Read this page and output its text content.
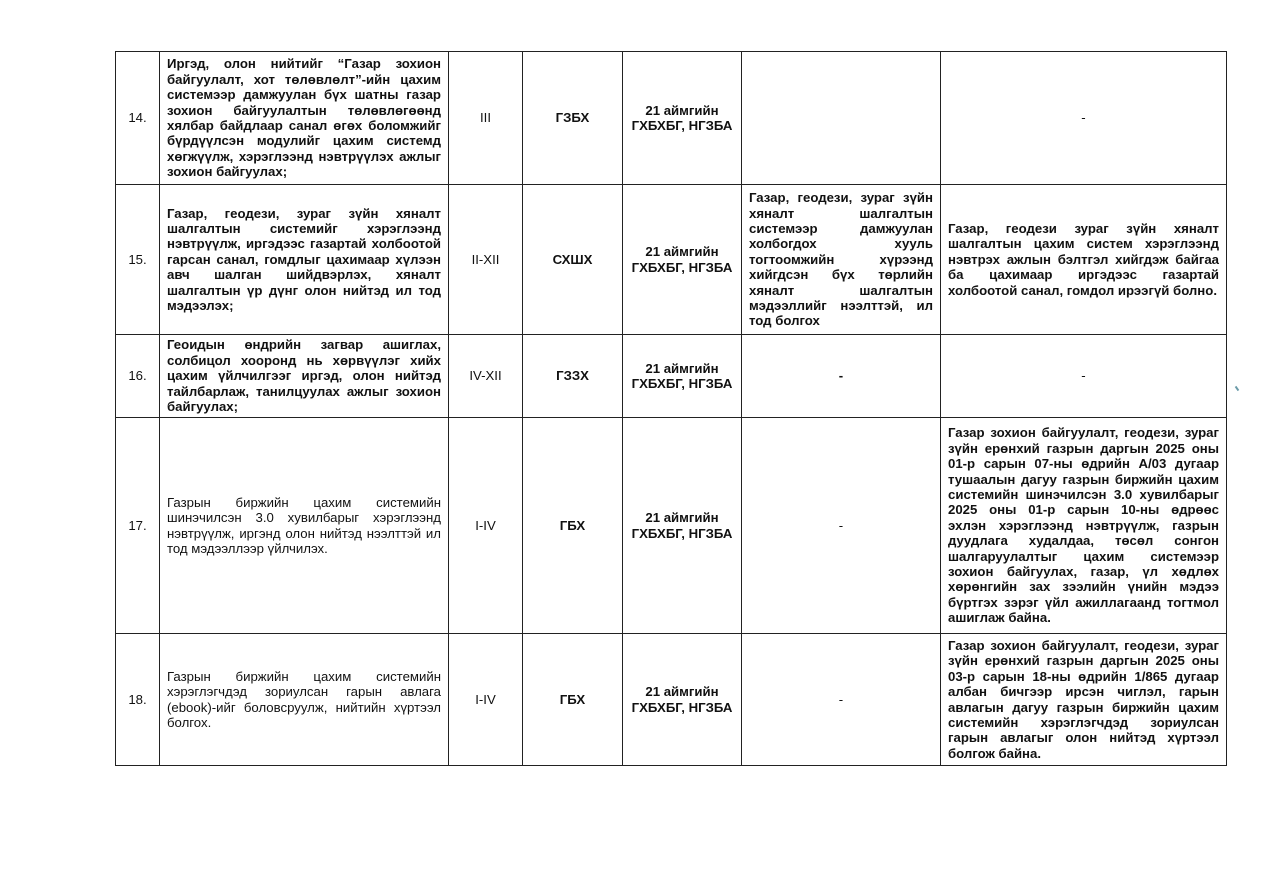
14.	Иргэд, олон нийтийг “Газар зохион байгуулалт, хот төлөвлөлт”-ийн цахим системээр дамжуулан бүх шатны газар зохион байгуулалтын төлөвлөгөөнд хялбар байдлаар санал өгөх боломжийг бүрдүүлсэн модулийг цахим системд хөгжүүлж, хэрэглээнд нэвтрүүлэх ажлыг зохион байгуулах;	III	ГЗБХ	21 аймгийн ГХБХБГ, НГЗБА		-
15.	Газар, геодези, зураг зүйн хяналт шалгалтын системийг хэрэглээнд нэвтрүүлж, иргэдээс газартай холбоотой гарсан санал, гомдлыг цахимаар хүлээн авч шалган шийдвэрлэх, хяналт шалгалтын үр дүнг олон нийтэд ил тод мэдээлэх;	II-XII	СХШХ	21 аймгийн ГХБХБГ, НГЗБА	Газар, геодези, зураг зүйн хяналт шалгалтын системээр дамжуулан холбогдох хууль тогтоомжийн хүрээнд хийгдсэн бүх төрлийн хяналт шалгалтын мэдээллийг нээлттэй, ил тод болгох	Газар, геодези зураг зүйн хяналт шалгалтын цахим систем хэрэглээнд нэвтрэх ажлын бэлтгэл хийгдэж байгаа ба цахимаар иргэдээс газартай холбоотой санал, гомдол ирээгүй болно.
16.	Геоидын өндрийн загвар ашиглах, солбицол хооронд нь хөрвүүлэг хийх цахим үйлчилгээг иргэд, олон нийтэд тайлбарлаж, танилцуулах ажлыг зохион байгуулах;	IV-XII	ГЗЗХ	21 аймгийн ГХБХБГ, НГЗБА	-	-
17.	Газрын биржийн цахим системийн шинэчилсэн 3.0 хувилбарыг хэрэглээнд нэвтрүүлж, иргэнд олон нийтэд нээлттэй ил тод мэдээллээр үйлчилэх.	I-IV	ГБХ	21 аймгийн ГХБХБГ, НГЗБА	-	Газар зохион байгуулалт, геодези, зураг зүйн ерөнхий газрын даргын 2025 оны 01-р сарын 07-ны өдрийн А/03 дугаар тушаалын дагуу газрын биржийн цахим системийн шинэчилсэн 3.0 хувилбарыг 2025 оны 01-р сарын 10-ны өдрөөс эхлэн хэрэглээнд нэвтрүүлж, газрын дуудлага худалдаа, төсөл сонгон шалгаруулалтыг цахим системээр зохион байгуулах, газар, үл хөдлөх хөрөнгийн зах зээлийн үнийн мэдээ бүртгэх зэрэг үйл ажиллагаанд тогтмол ашиглаж байна.
18.	Газрын биржийн цахим системийн хэрэглэгчдэд зориулсан гарын авлага (ebook)-ийг боловсруулж, нийтийн хүртээл болгох.	I-IV	ГБХ	21 аймгийн ГХБХБГ, НГЗБА	-	Газар зохион байгуулалт, геодези, зураг зүйн ерөнхий газрын даргын 2025 оны 03-р сарын 18-ны өдрийн 1/865 дугаар албан бичгээр ирсэн чиглэл, гарын авлагын дагуу газрын биржийн цахим системийн хэрэглэгчдэд зориулсан гарын авлагыг олон нийтэд хүртээл болгож байна.
